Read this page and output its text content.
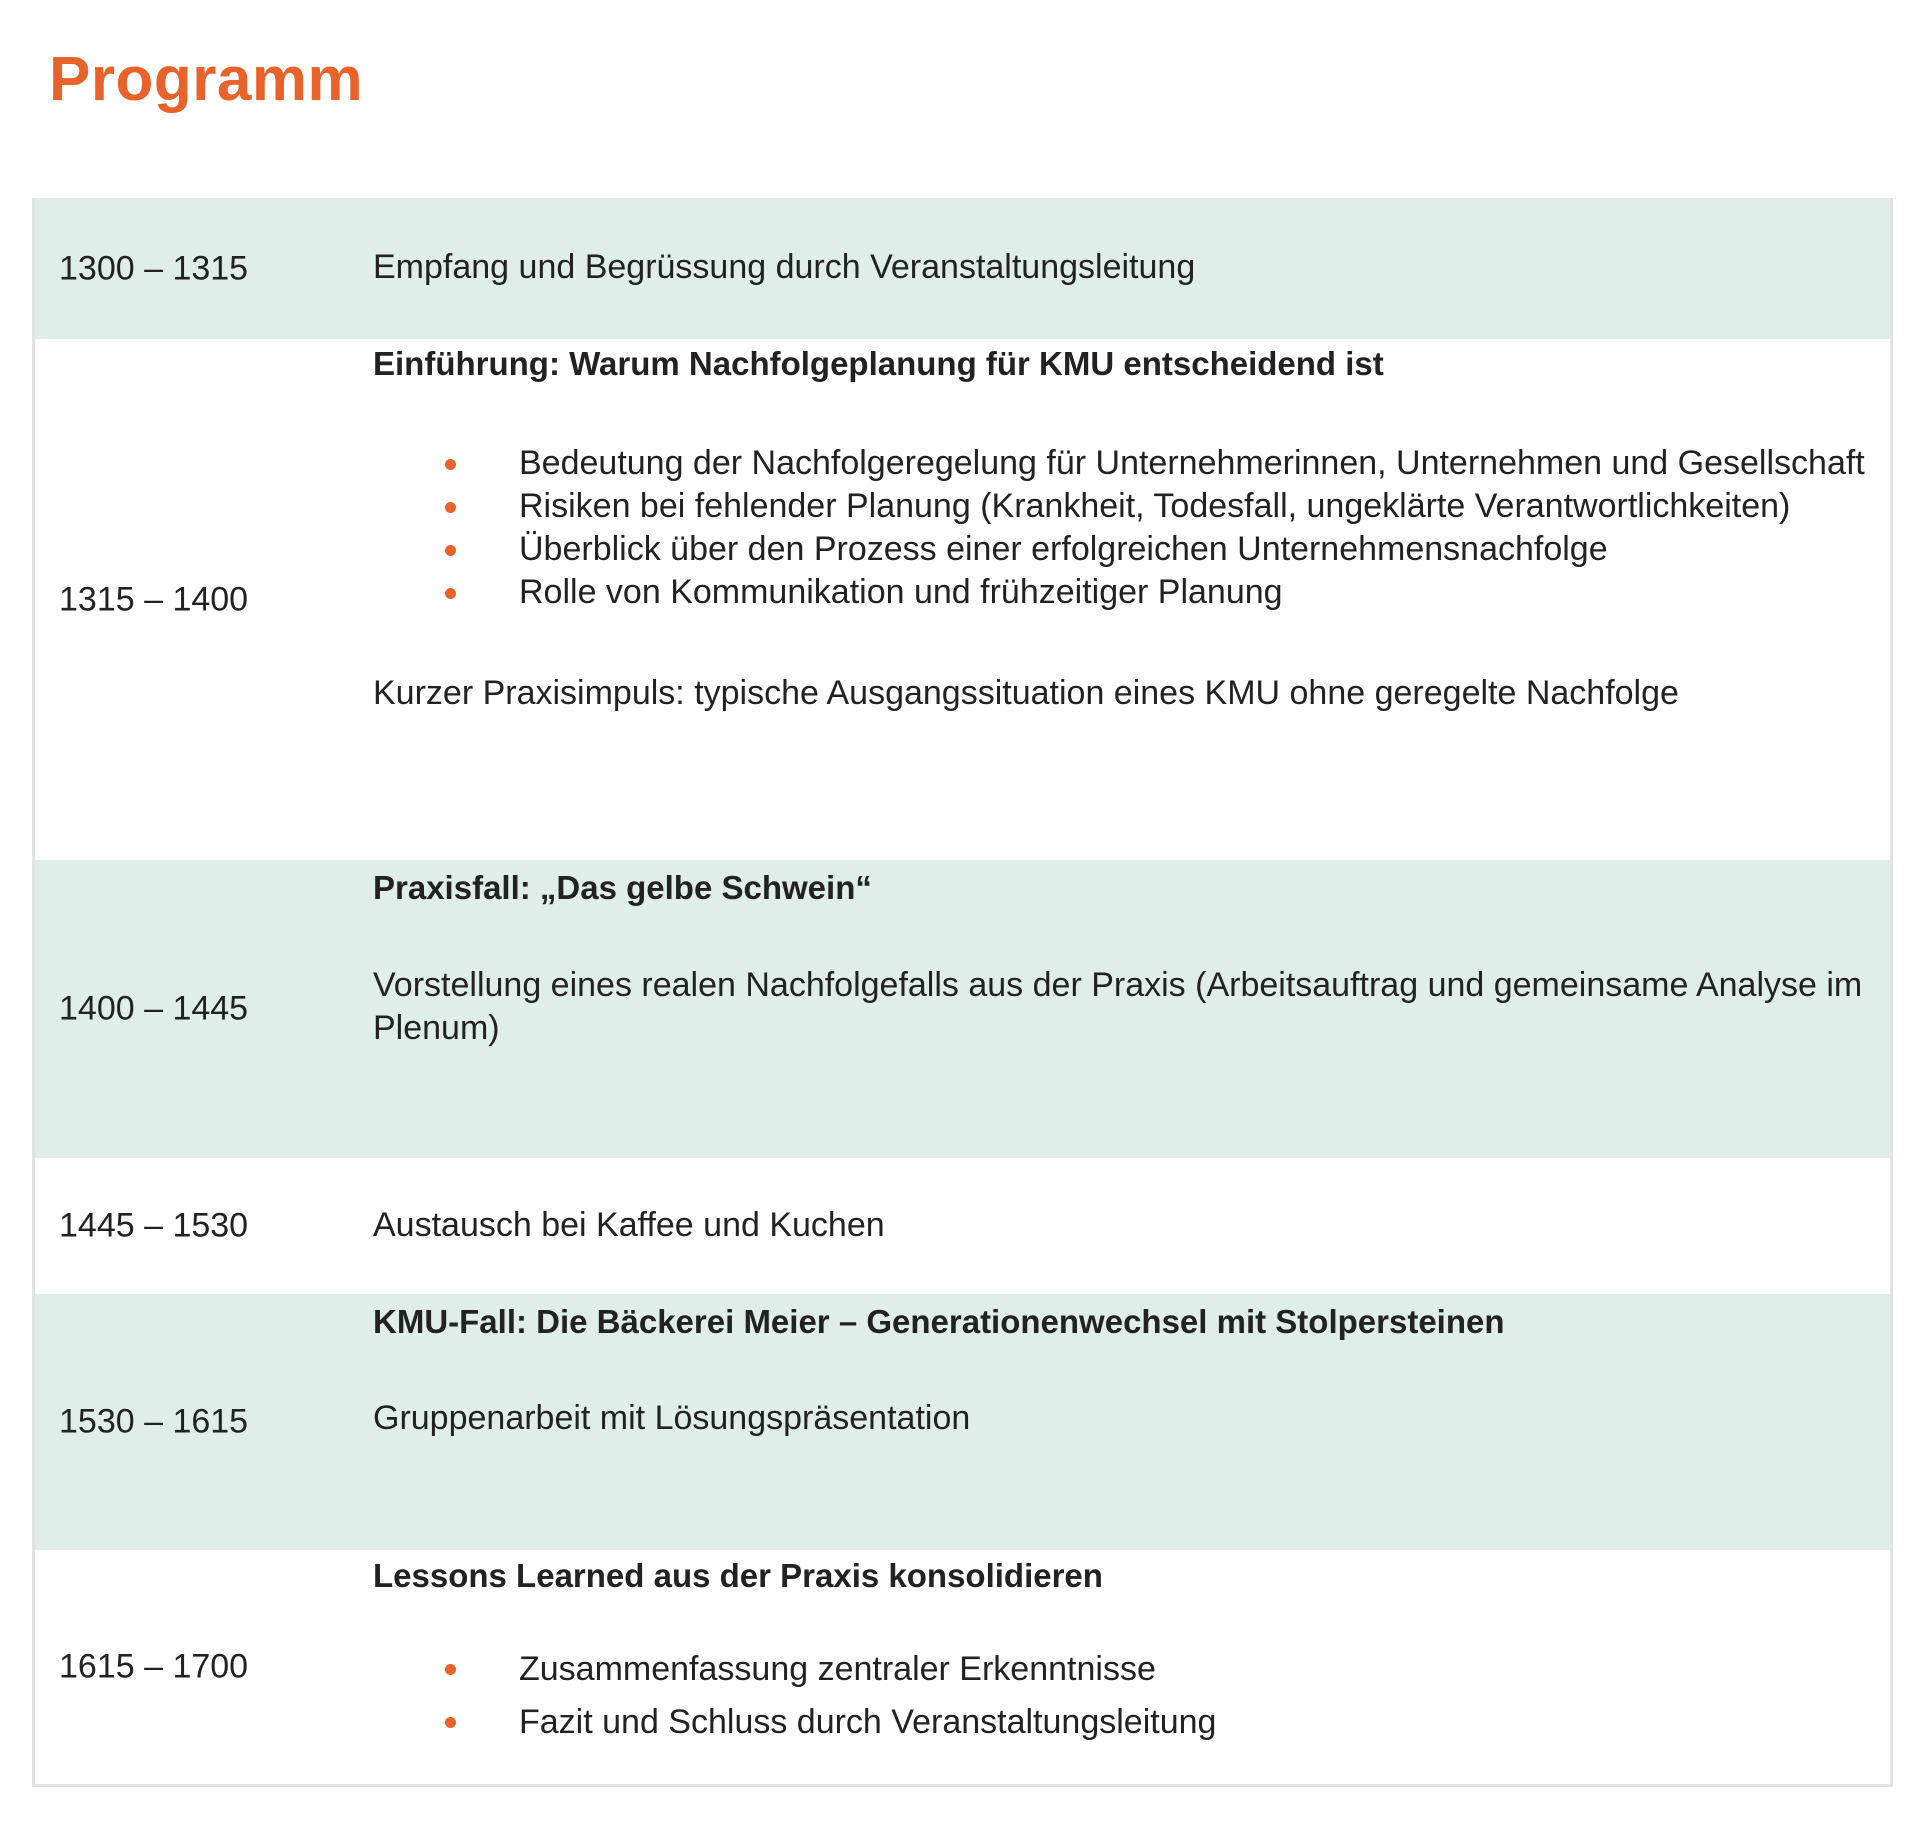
Programm
1300 – 1315	Empfang und Begrüssung durch Veranstaltungsleitung

1315 – 1400

Einführung: Warum Nachfolgeplanung für KMU entscheidend ist

Bedeutung der Nachfolgeregelung für Unternehmerinnen, Unternehmen und Gesellschaft
Risiken bei fehlender Planung (Krankheit, Todesfall, ungeklärte Verantwortlichkeiten)
Überblick über den Prozess einer erfolgreichen Unternehmensnachfolge
Rolle von Kommunikation und frühzeitiger Planung

Kurzer Praxisimpuls: typische Ausgangssituation eines KMU ohne geregelte Nachfolge

1400 – 1445

Praxisfall: „Das gelbe Schwein“

Vorstellung eines realen Nachfolgefalls aus der Praxis (Arbeitsauftrag und gemeinsame Analyse im Plenum)

1445 – 1530	Austausch bei Kaffee und Kuchen

1530 – 1615

KMU-Fall: Die Bäckerei Meier – Generationenwechsel mit Stolpersteinen

Gruppenarbeit mit Lösungspräsentation

1615 – 1700

Lessons Learned aus der Praxis konsolidieren

Zusammenfassung zentraler Erkenntnisse
Fazit und Schluss durch Veranstaltungsleitung
